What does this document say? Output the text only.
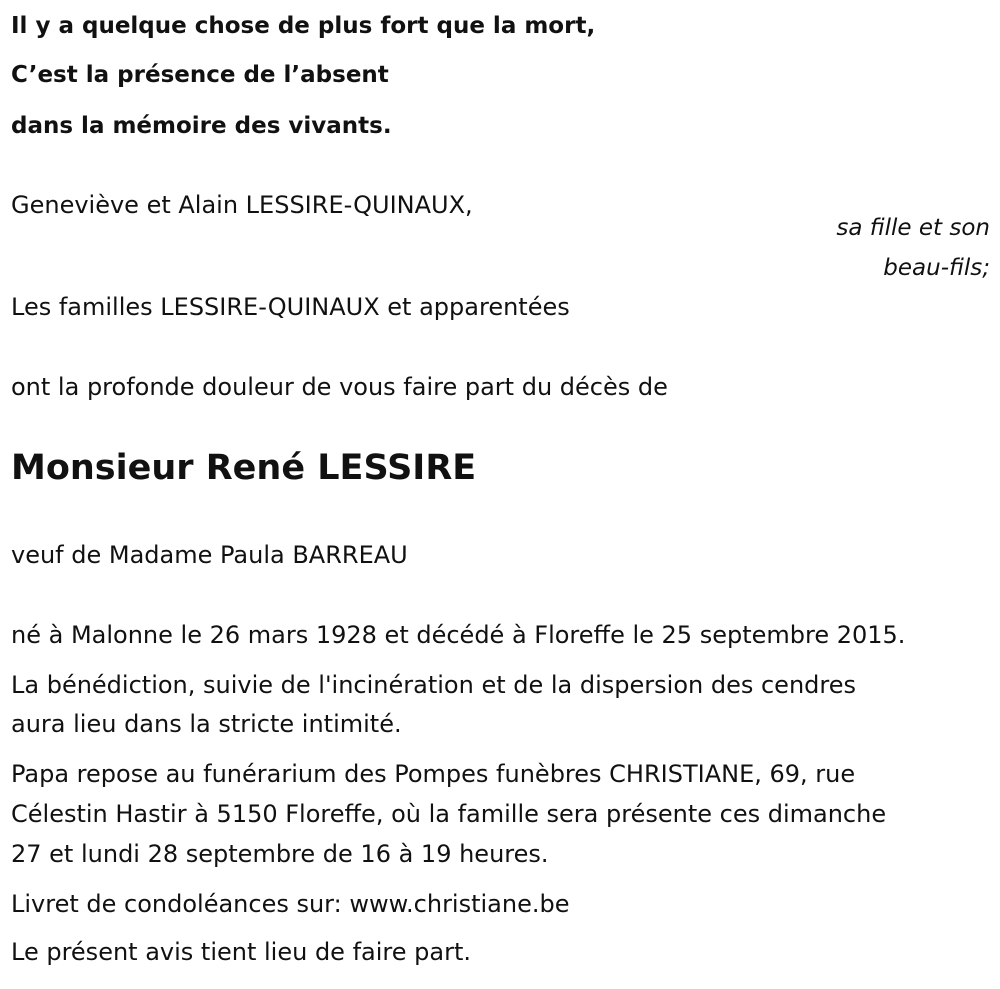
Il y a quelque chose de plus fort que la mort,
C’est la présence de l’absent
dans la mémoire des vivants.
Geneviève et Alain LESSIRE-QUINAUX,
sa fille et son
beau-fils;
Les familles LESSIRE-QUINAUX et apparentées
ont la profonde douleur de vous faire part du décès de
Monsieur René LESSIRE
veuf de Madame Paula BARREAU
né à Malonne le 26 mars 1928 et décédé à Floreffe le 25 septembre 2015.
La bénédiction, suivie de l'incinération et de la dispersion des cendres
aura lieu dans la stricte intimité.
Papa repose au funérarium des Pompes funèbres CHRISTIANE, 69, rue
Célestin Hastir à 5150 Floreffe, où la famille sera présente ces dimanche
27 et lundi 28 septembre de 16 à 19 heures.
Livret de condoléances sur: www.christiane.be
Le présent avis tient lieu de faire part.
